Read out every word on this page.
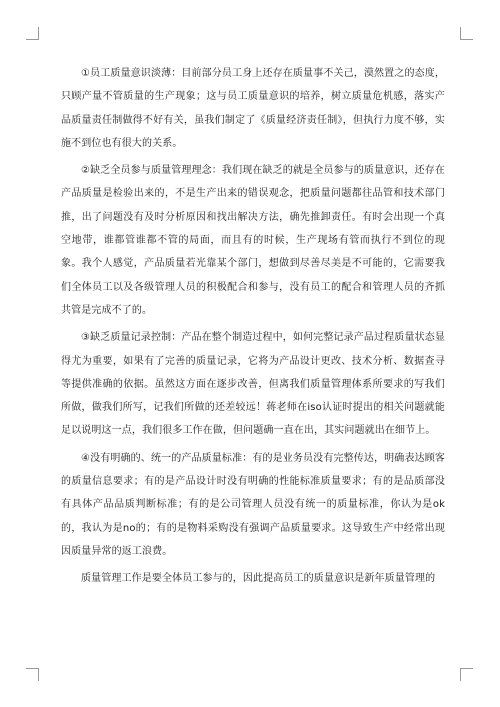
①员工质量意识淡薄：目前部分员工身上还存在质量事不关己，漠然置之的态度，只顾产量不管质量的生产现象；这与员工质量意识的培养，树立质量危机感，落实产品质量责任制做得不好有关，虽我们制定了《质量经济责任制》，但执行力度不够，实施不到位也有很大的关系。

②缺乏全员参与质量管理理念：我们现在缺乏的就是全员参与的质量意识，还存在产品质量是检验出来的，不是生产出来的错误观念，把质量问题都往品管和技术部门推，出了问题没有及时分析原因和找出解决方法，确先推卸责任。有时会出现一个真空地带，谁都管谁都不管的局面，而且有的时候，生产现场有管而执行不到位的现象。我个人感觉，产品质量若光靠某个部门，想做到尽善尽美是不可能的，它需要我们全体员工以及各级管理人员的积极配合和参与，没有员工的配合和管理人员的齐抓共管是完成不了的。

③缺乏质量记录控制：产品在整个制造过程中，如何完整记录产品过程质量状态显得尤为重要，如果有了完善的质量记录，它将为产品设计更改、技术分析、数据查寻等提供准确的依据。虽然这方面在逐步改善，但离我们质量管理体系所要求的写我们所做，做我们所写，记我们所做的还差较远！蒋老师在iso认证时提出的相关问题就能足以说明这一点，我们很多工作在做，但问题确一直在出，其实问题就出在细节上。

④没有明确的、统一的产品质量标准：有的是业务员没有完整传达，明确表达顾客的质量信息要求；有的是产品设计时没有明确的性能标准质量要求；有的是品质部没有具体产品品质判断标准；有的是公司管理人员没有统一的质量标准，你认为是ok的，我认为是no的；有的是物料采购没有强调产品质量要求。这导致生产中经常出现因质量异常的返工浪费。

质量管理工作是要全体员工参与的，因此提高员工的质量意识是新年质量管理的
